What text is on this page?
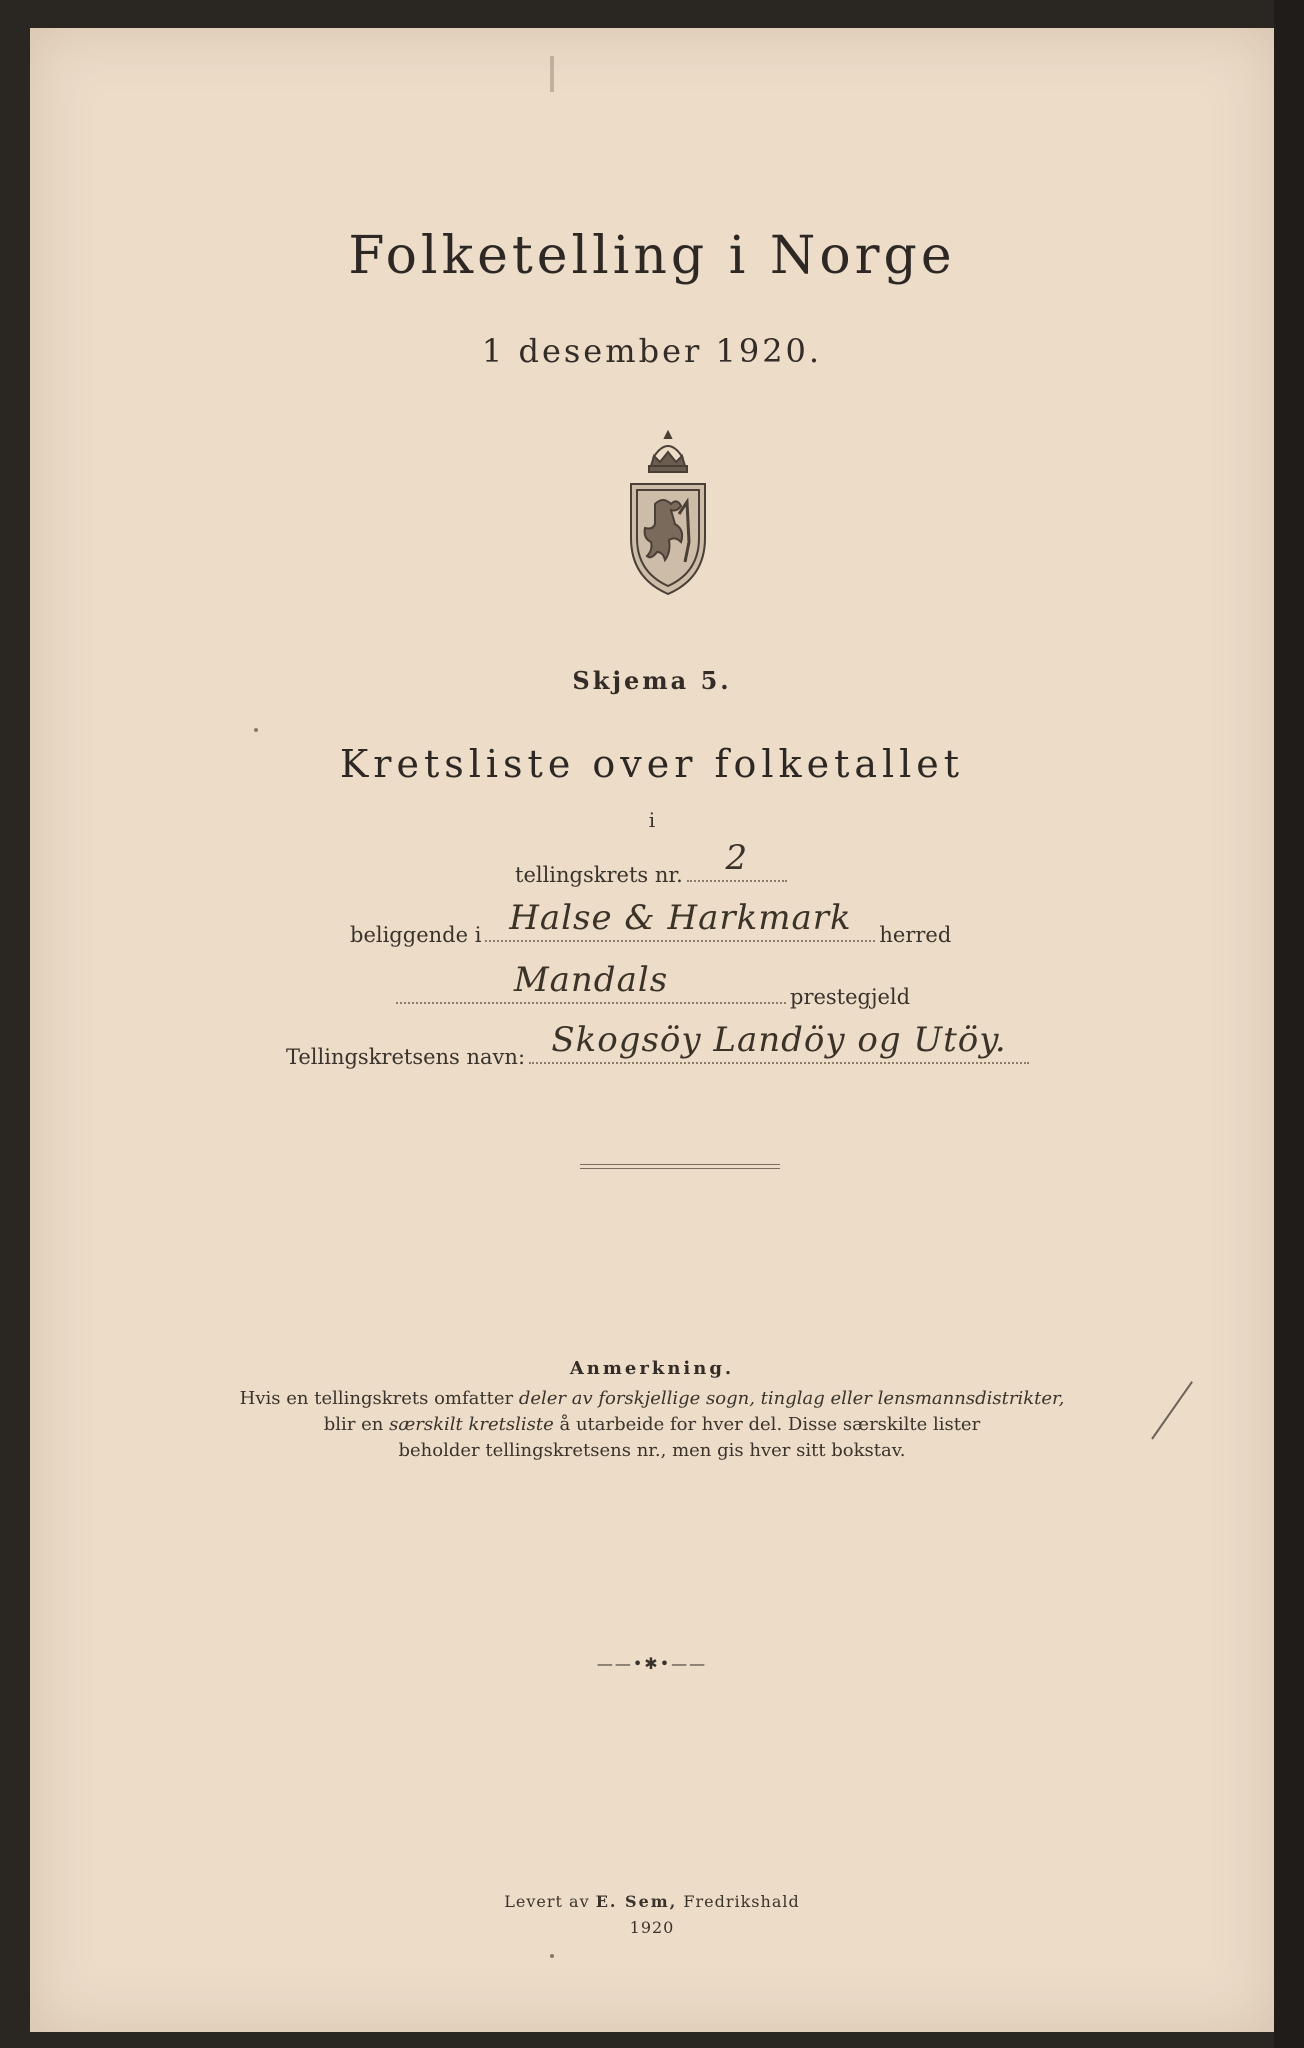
Folketelling i Norge
1 desember 1920.
Skjema 5.
Kretsliste over folketallet
i
tellingskrets nr.	2
beliggende i Halse & Harkmark	herred
Mandals	prestegjeld
Tellingskretsens navn: Skogsöy Landöy og Utöy.
Anmerkning.
Hvis en tellingskrets omfatter deler av forskjellige sogn, tinglag eller lensmannsdistrikter,
blir en særskilt kretsliste å utarbeide for hver del. Disse særskilte lister
beholder tellingskretsens nr., men gis hver sitt bokstav.
——•✱•——
Levert av E. Sem, Fredrikshald
1920
